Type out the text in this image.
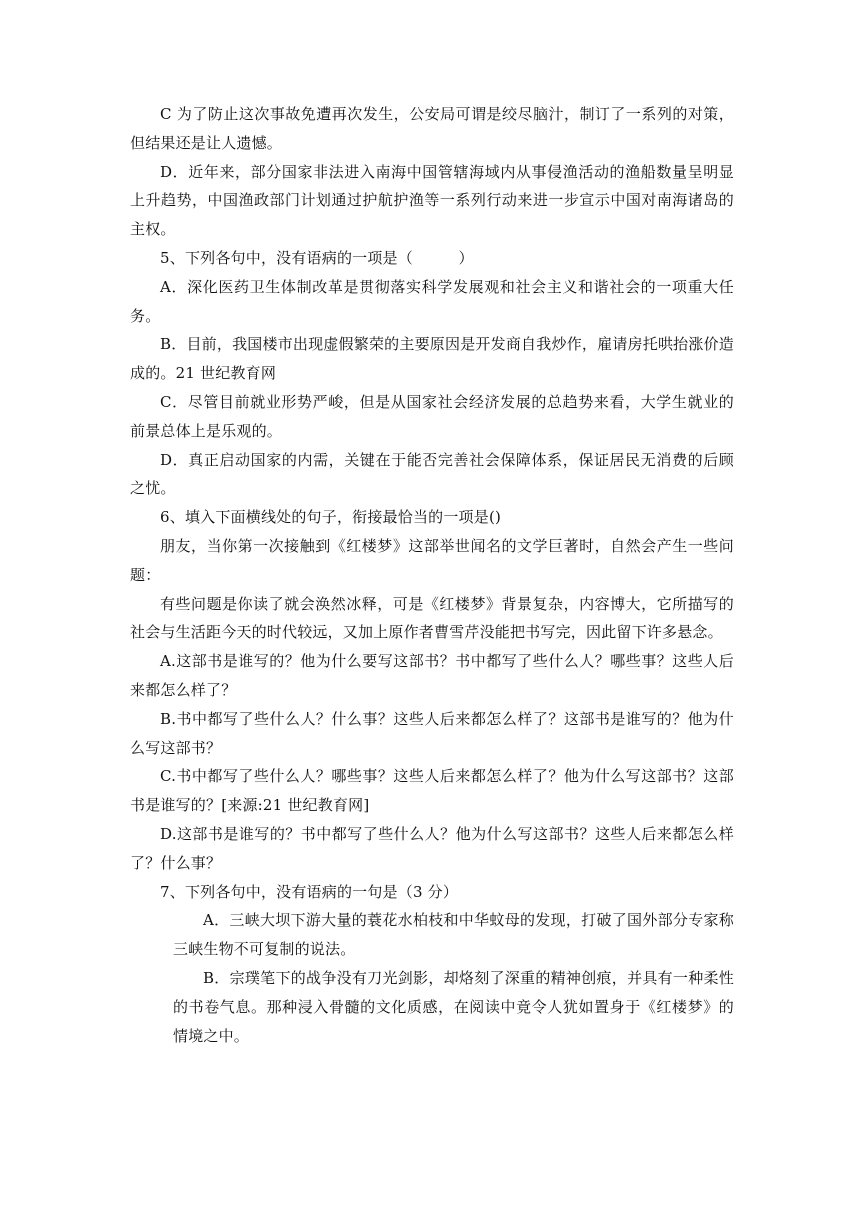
C 为了防止这次事故免遭再次发生，公安局可谓是绞尽脑汁，制订了一系列的对策，但结果还是让人遗憾。

D．近年来，部分国家非法进入南海中国管辖海域内从事侵渔活动的渔船数量呈明显上升趋势，中国渔政部门计划通过护航护渔等一系列行动来进一步宣示中国对南海诸岛的主权。

5、下列各句中，没有语病的一项是（　　　）

A．深化医药卫生体制改革是贯彻落实科学发展观和社会主义和谐社会的一项重大任务。

B．目前，我国楼市出现虚假繁荣的主要原因是开发商自我炒作，雇请房托哄抬涨价造成的。21 世纪教育网

C．尽管目前就业形势严峻，但是从国家社会经济发展的总趋势来看，大学生就业的前景总体上是乐观的。

D．真正启动国家的内需，关键在于能否完善社会保障体系，保证居民无消费的后顾之忧。

6、填入下面横线处的句子，衔接最恰当的一项是()

朋友，当你第一次接触到《红楼梦》这部举世闻名的文学巨著时，自然会产生一些问题：

有些问题是你读了就会涣然冰释，可是《红楼梦》背景复杂，内容博大，它所描写的社会与生活距今天的时代较远，又加上原作者曹雪芹没能把书写完，因此留下许多悬念。

A.这部书是谁写的？他为什么要写这部书？书中都写了些什么人？哪些事？这些人后来都怎么样了？

B.书中都写了些什么人？什么事？这些人后来都怎么样了？这部书是谁写的？他为什么写这部书？

C.书中都写了些什么人？哪些事？这些人后来都怎么样了？他为什么写这部书？这部书是谁写的？[来源:21 世纪教育网]

D.这部书是谁写的？书中都写了些什么人？他为什么写这部书？这些人后来都怎么样了？什么事？

7、下列各句中，没有语病的一句是（3 分）

A．三峡大坝下游大量的蓑花水柏枝和中华蚊母的发现，打破了国外部分专家称三峡生物不可复制的说法。

B．宗璞笔下的战争没有刀光剑影，却烙刻了深重的精神创痕，并具有一种柔性的书卷气息。那种浸入骨髓的文化质感，在阅读中竟令人犹如置身于《红楼梦》的情境之中。
